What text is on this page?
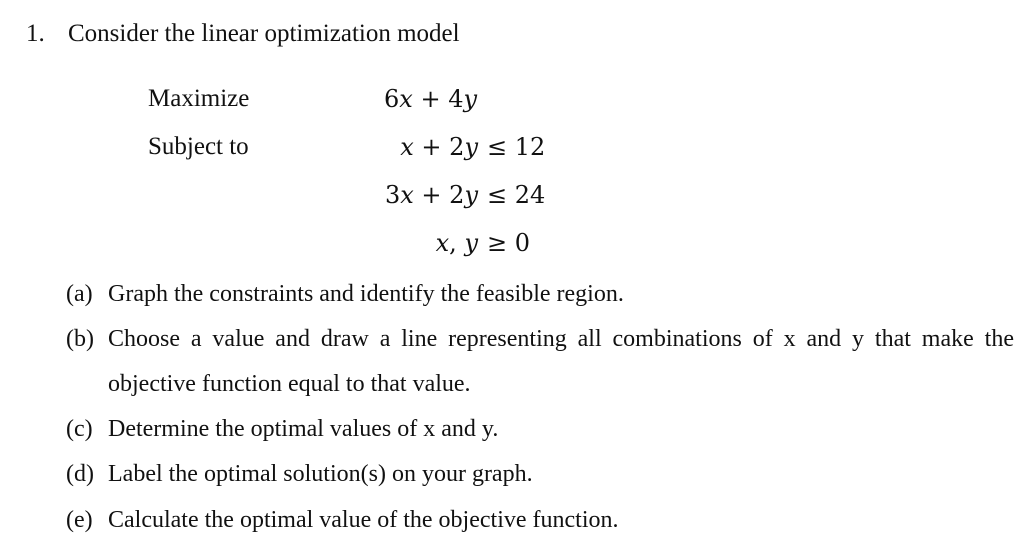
1. Consider the linear optimization model
Maximize
Subject to
6x + 4y
x + 2y ≤ 12
3x + 2y ≤ 24
x, y ≥ 0
(a) Graph the constraints and identify the feasible region.
(b) Choose a value and draw a line representing all combinations of x and y that make the
objective function equal to that value.
(c) Determine the optimal values of x and y.
(d) Label the optimal solution(s) on your graph.
(e) Calculate the optimal value of the objective function.
